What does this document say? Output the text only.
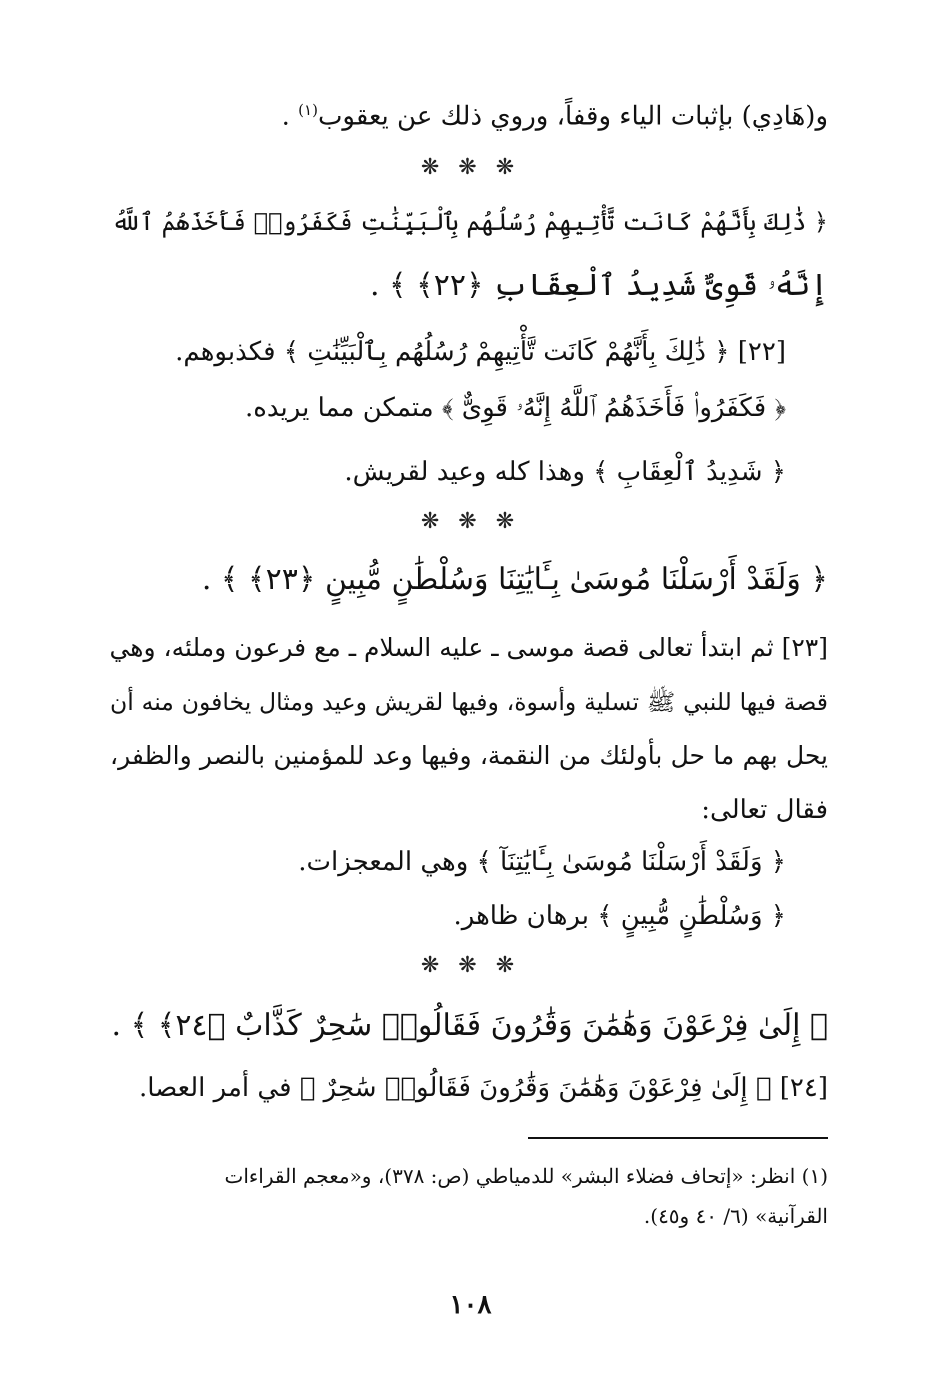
و(هَادِي) بإثبات الياء وقفاً، وروي ذلك عن يعقوب$^{(١)}$ .
❋ ❋ ❋
﴿ ذَٰلِكَ بِأَنَّهُمْ كَانَت تَّأْتِيهِمْ رُسُلُهُم بِٱلْبَيِّنَٰتِ فَكَفَرُوا۟ فَأَخَذَهُمُ ٱللَّهُ
إِنَّهُۥ قَوِىٌّ شَدِيدُ ٱلْعِقَابِ ﴿٢٢﴾ ﴾ .
[٢٢] ﴿ ذَٰلِكَ بِأَنَّهُمْ كَانَت تَّأْتِيهِمْ رُسُلُهُم بِٱلْبَيِّنَٰتِ ﴾ فكذبوهم.
﴿ فَكَفَرُوا۟ فَأَخَذَهُمُ ٱللَّهُ إِنَّهُۥ قَوِىٌّ ﴾ متمكن مما يريده.
﴿ شَدِيدُ ٱلْعِقَابِ ﴾ وهذا كله وعيد لقريش.
❋ ❋ ❋
﴿ وَلَقَدْ أَرْسَلْنَا مُوسَىٰ بِـَٔايَٰتِنَا وَسُلْطَٰنٍ مُّبِينٍ ﴿٢٣﴾ ﴾ .
[٢٣] ثم ابتدأ تعالى قصة موسى ـ عليه السلام ـ مع فرعون وملئه، وهي
قصة فيها للنبي ﷺ تسلية وأسوة، وفيها لقريش وعيد ومثال يخافون منه أن
يحل بهم ما حل بأولئك من النقمة، وفيها وعد للمؤمنين بالنصر والظفر،
فقال تعالى:
﴿ وَلَقَدْ أَرْسَلْنَا مُوسَىٰ بِـَٔايَٰتِنَآ ﴾ وهي المعجزات.
﴿ وَسُلْطَٰنٍ مُّبِينٍ ﴾ برهان ظاهر.
❋ ❋ ❋
﴿ إِلَىٰ فِرْعَوْنَ وَهَٰمَٰنَ وَقَٰرُونَ فَقَالُوا۟ سَٰحِرٌ كَذَّابٌ ﴿٢٤﴾ ﴾ .
[٢٤] ﴿ إِلَىٰ فِرْعَوْنَ وَهَٰمَٰنَ وَقَٰرُونَ فَقَالُوا۟ سَٰحِرٌ ﴾ في أمر العصا.
(١) انظر: «إتحاف فضلاء البشر» للدمياطي (ص: ٣٧٨)، و«معجم القراءات
القرآنية» (٦/ ٤٠ و٤٥).
١٠٨
